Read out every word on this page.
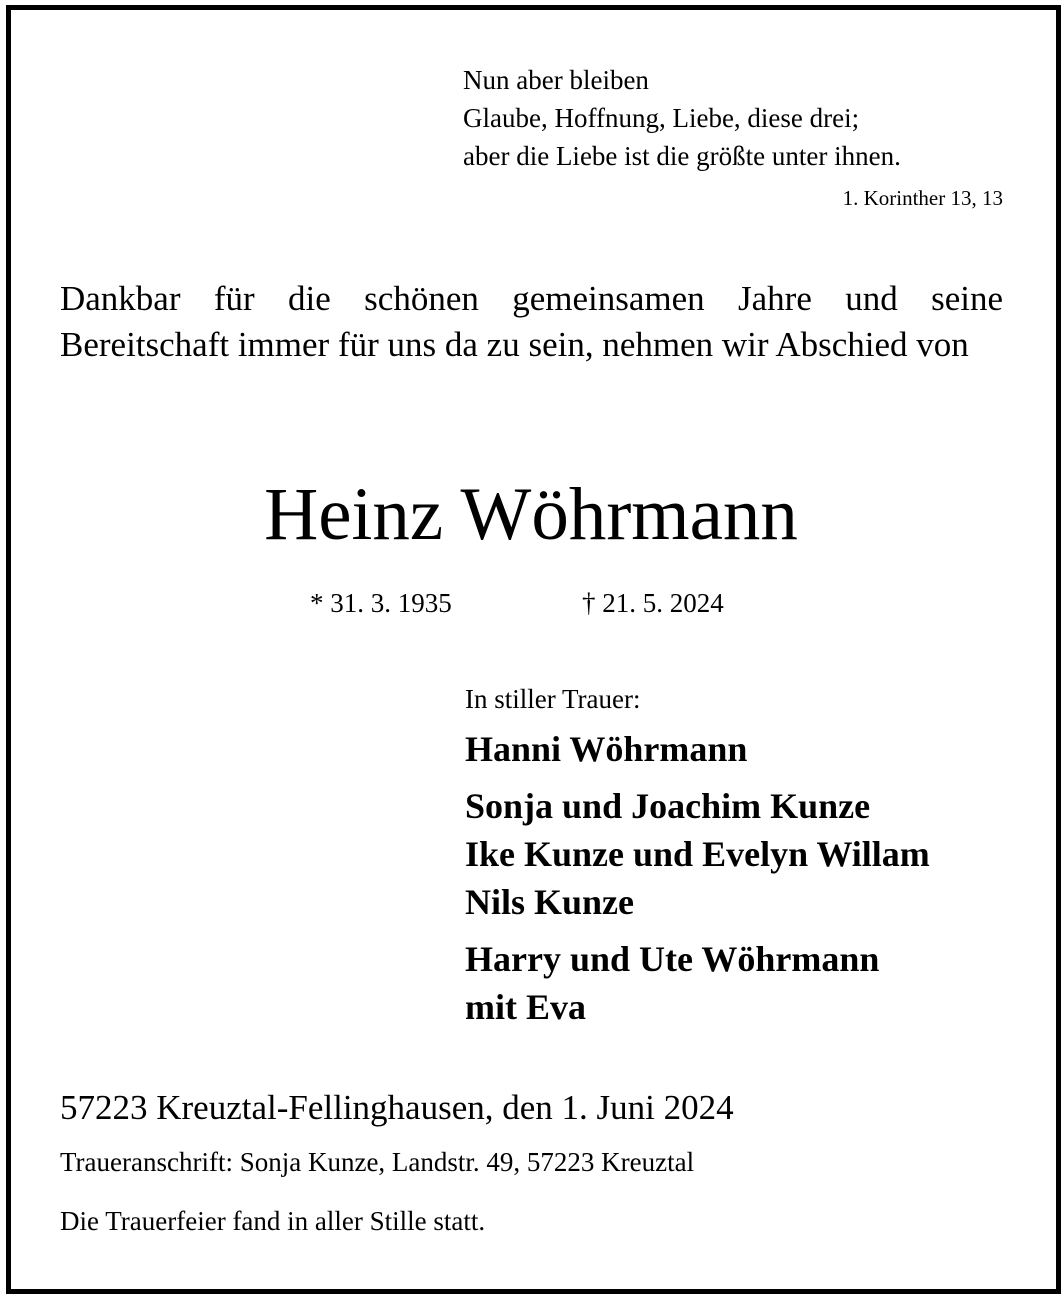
Nun aber bleiben
Glaube, Hoffnung, Liebe, diese drei;
aber die Liebe ist die größte unter ihnen.
1. Korinther 13, 13
Dankbar für die schönen gemeinsamen Jahre und seine Bereitschaft immer für uns da zu sein, nehmen wir Abschied von
Heinz Wöhrmann
* 31. 3. 1935	† 21. 5. 2024
In stiller Trauer:
Hanni Wöhrmann
Sonja und Joachim Kunze
Ike Kunze und Evelyn Willam
Nils Kunze
Harry und Ute Wöhrmann
mit Eva
57223 Kreuztal-Fellinghausen, den 1. Juni 2024
Traueranschrift: Sonja Kunze, Landstr. 49, 57223 Kreuztal
Die Trauerfeier fand in aller Stille statt.
